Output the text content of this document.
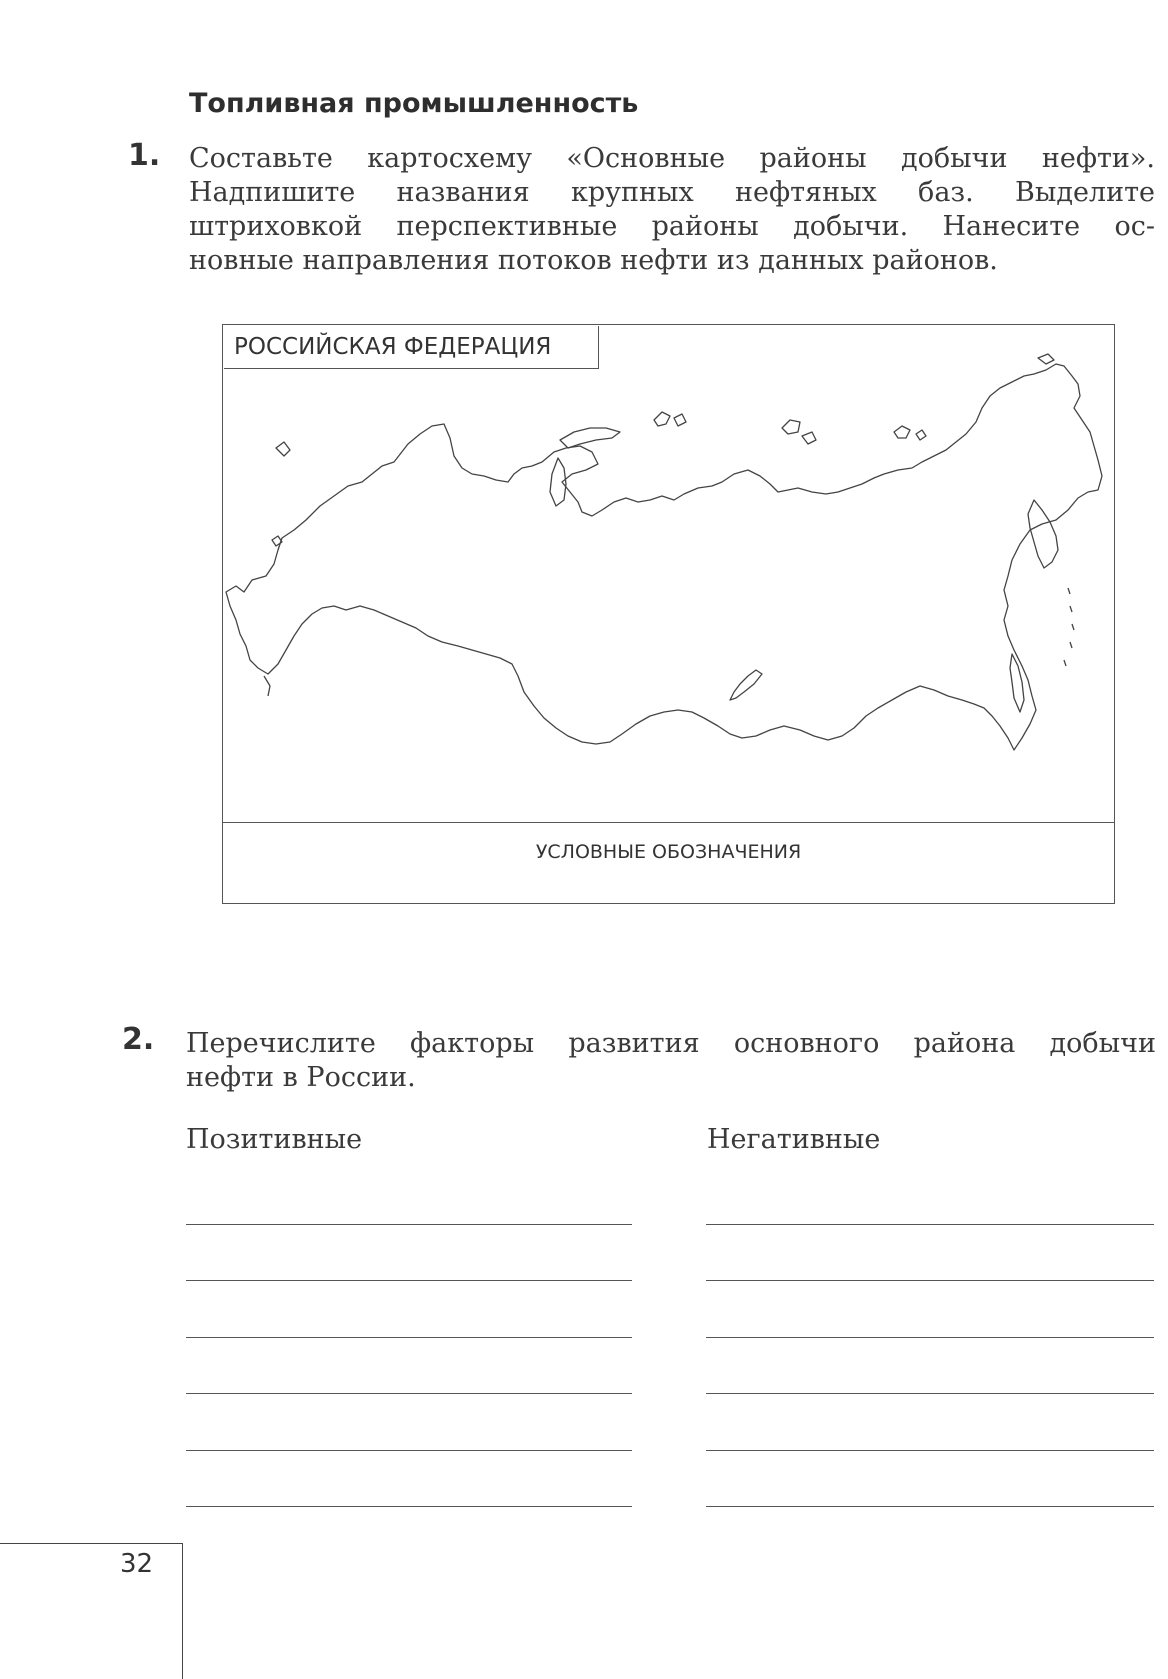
Топливная промышленность
1. Составьте картосхему «Основные районы добычи нефти».
Надпишите названия крупных нефтяных баз. Выделите
штриховкой перспективные районы добычи. Нанесите ос-
новные направления потоков нефти из данных районов.
РОССИЙСКАЯ ФЕДЕРАЦИЯ
УСЛОВНЫЕ ОБОЗНАЧЕНИЯ
2. Перечислите факторы развития основного района добычи
нефти в России.
Позитивные	Негативные
32
